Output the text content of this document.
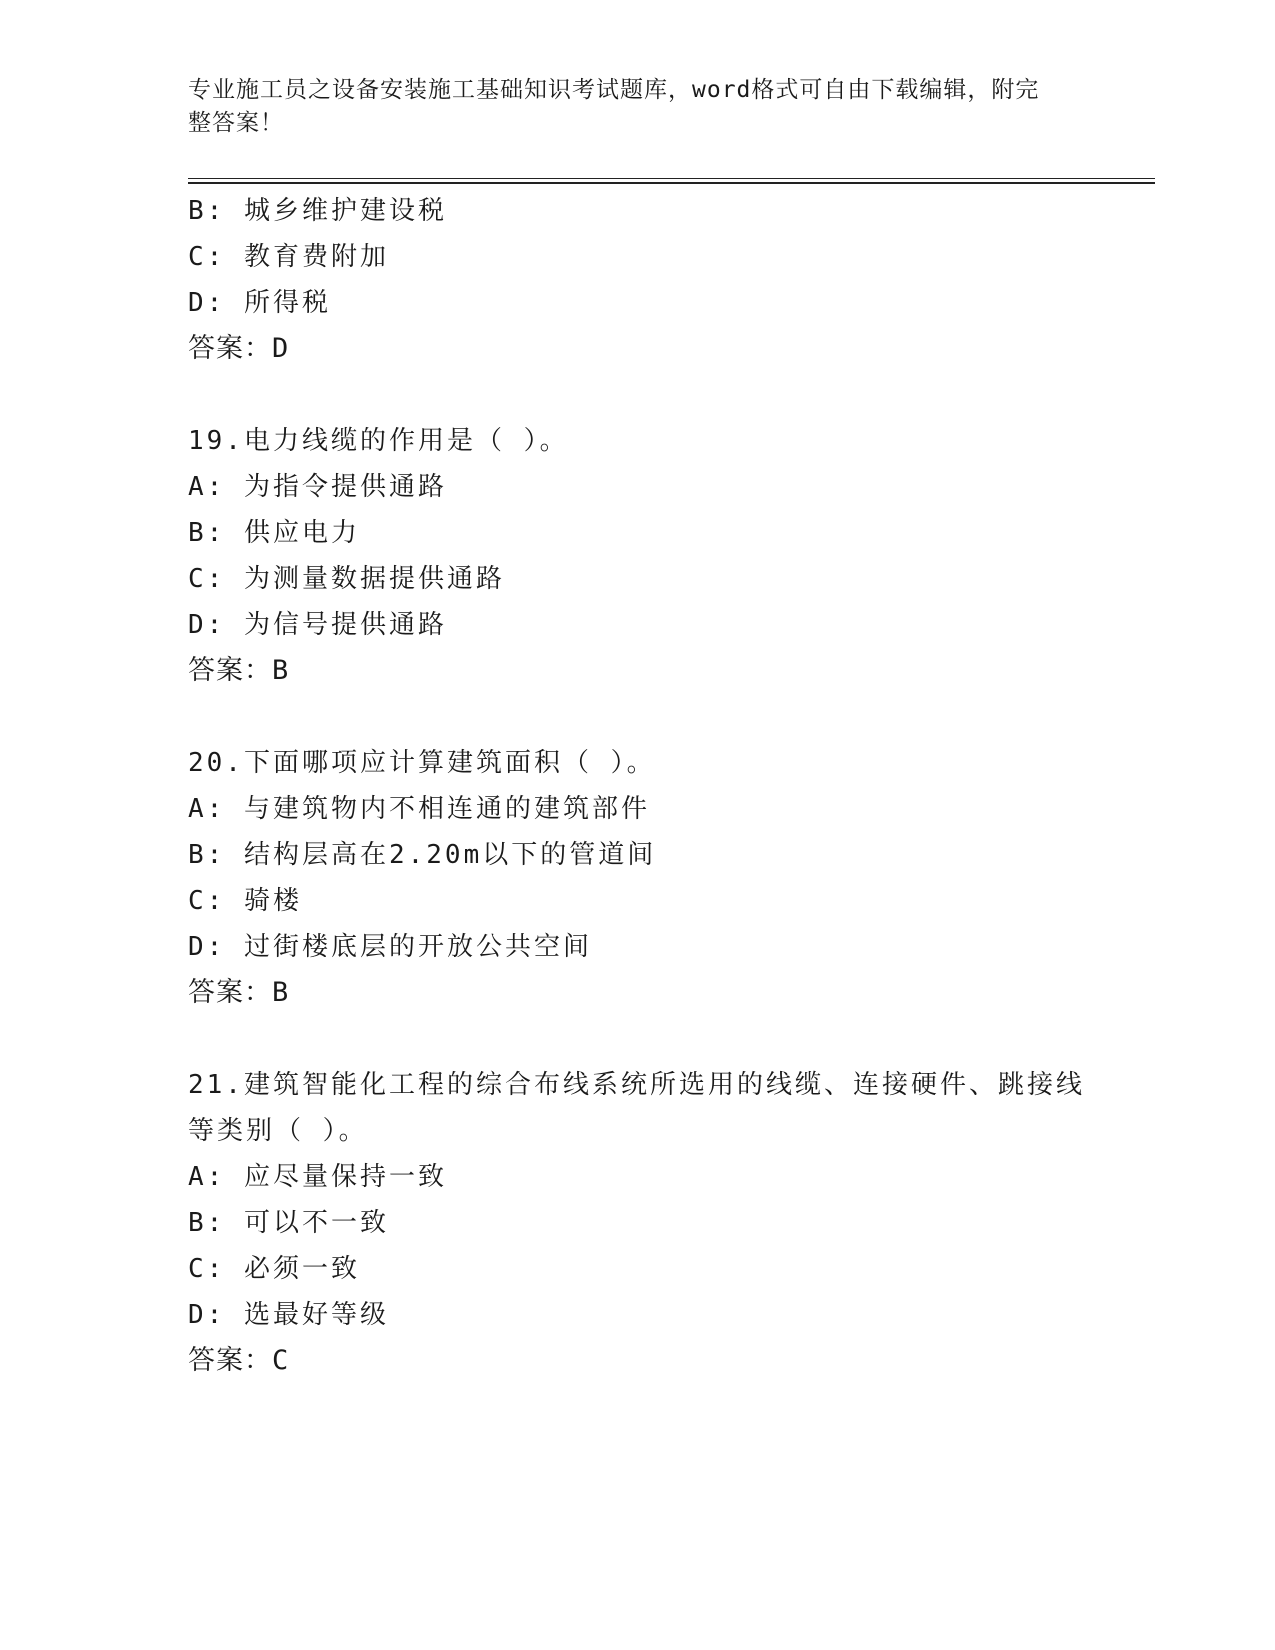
专业施工员之设备安装施工基础知识考试题库，word格式可自由下载编辑，附完
整答案！
B: 城乡维护建设税
C: 教育费附加
D: 所得税
答案：D
19.电力线缆的作用是（ ）。
A: 为指令提供通路
B: 供应电力
C: 为测量数据提供通路
D: 为信号提供通路
答案：B
20.下面哪项应计算建筑面积（ ）。
A: 与建筑物内不相连通的建筑部件
B: 结构层高在2.20m以下的管道间
C: 骑楼
D: 过街楼底层的开放公共空间
答案：B
21.建筑智能化工程的综合布线系统所选用的线缆、连接硬件、跳接线
等类别（ ）。
A: 应尽量保持一致
B: 可以不一致
C: 必须一致
D: 选最好等级
答案：C
